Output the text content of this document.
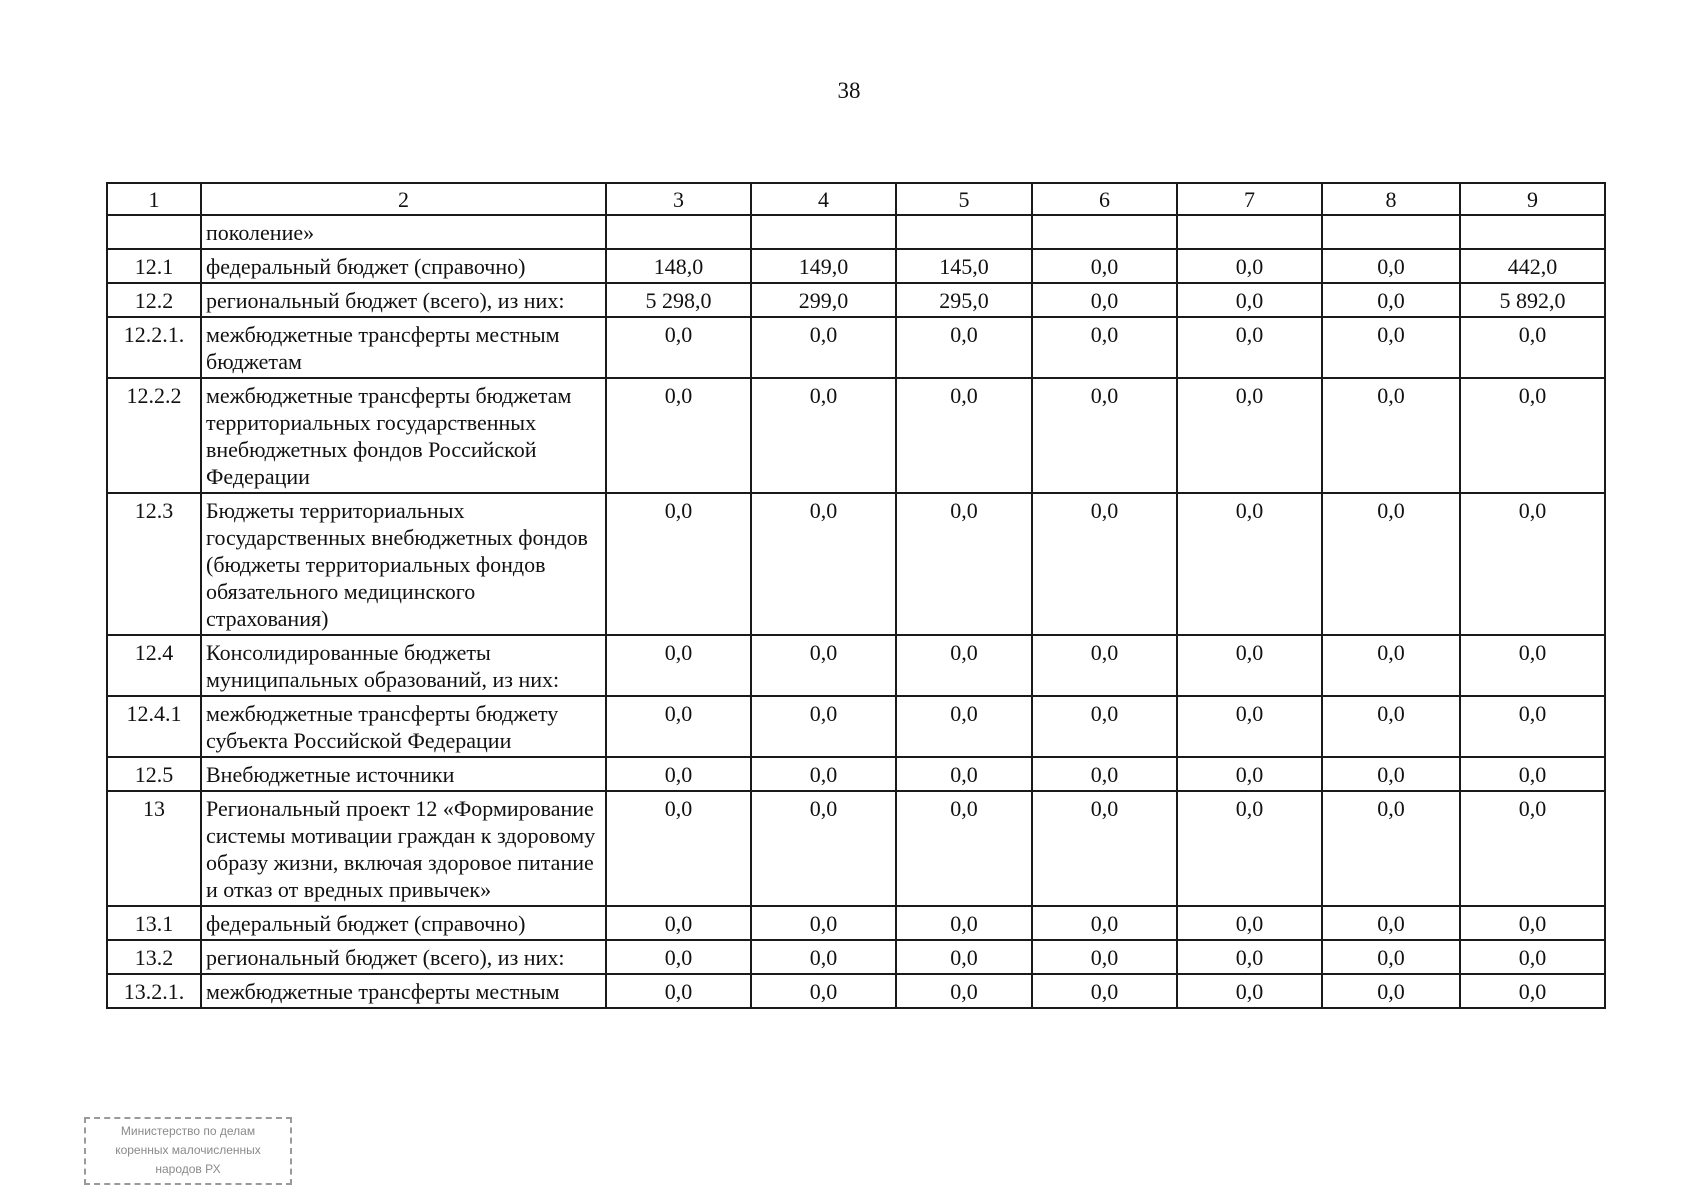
38
1	2	3	4	5	6	7	8	9
	поколение»							
12.1	федеральный бюджет (справочно)	148,0	149,0	145,0	0,0	0,0	0,0	442,0
12.2	региональный бюджет (всего), из них:	5 298,0	299,0	295,0	0,0	0,0	0,0	5 892,0
12.2.1.	межбюджетные трансферты местным бюджетам	0,0	0,0	0,0	0,0	0,0	0,0	0,0
12.2.2	межбюджетные трансферты бюджетам территориальных государственных внебюджетных фондов Российской Федерации	0,0	0,0	0,0	0,0	0,0	0,0	0,0
12.3	Бюджеты территориальных государственных внебюджетных фондов (бюджеты территориальных фондов обязательного медицинского страхования)	0,0	0,0	0,0	0,0	0,0	0,0	0,0
12.4	Консолидированные бюджеты муниципальных образований, из них:	0,0	0,0	0,0	0,0	0,0	0,0	0,0
12.4.1	межбюджетные трансферты бюджету субъекта Российской Федерации	0,0	0,0	0,0	0,0	0,0	0,0	0,0
12.5	Внебюджетные источники	0,0	0,0	0,0	0,0	0,0	0,0	0,0
13	Региональный проект 12 «Формирование системы мотивации граждан к здоровому образу жизни, включая здоровое питание и отказ от вредных привычек»	0,0	0,0	0,0	0,0	0,0	0,0	0,0
13.1	федеральный бюджет (справочно)	0,0	0,0	0,0	0,0	0,0	0,0	0,0
13.2	региональный бюджет (всего), из них:	0,0	0,0	0,0	0,0	0,0	0,0	0,0
13.2.1.	межбюджетные трансферты местным	0,0	0,0	0,0	0,0	0,0	0,0	0,0
Министерство по делам
коренных малочисленных
народов РХ
